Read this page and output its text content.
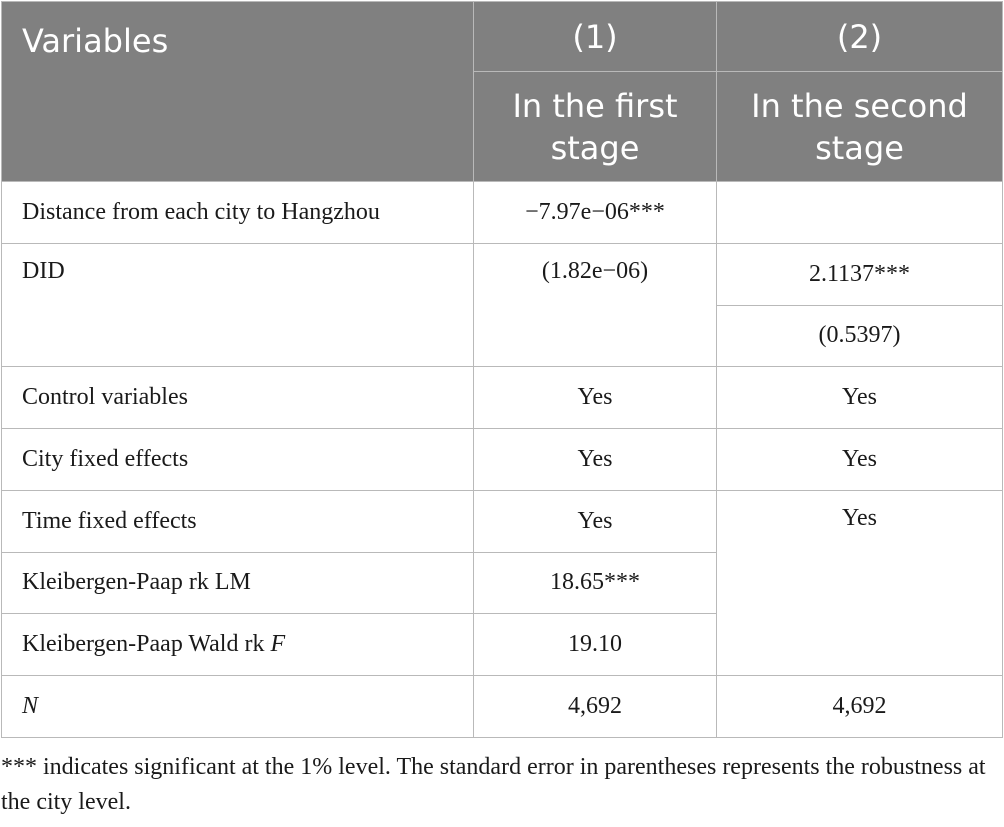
Variables	(1)	(2)
	In the first stage	In the second stage
Distance from each city to Hangzhou	−7.97e−06***	
DID	(1.82e−06)	2.1137***
		(0.5397)
Control variables	Yes	Yes
City fixed effects	Yes	Yes
Time fixed effects	Yes	Yes
Kleibergen-Paap rk LM	18.65***	
Kleibergen-Paap Wald rk F	19.10	
N	4,692	4,692
*** indicates significant at the 1% level. The standard error in parentheses represents the robustness at the city level.
